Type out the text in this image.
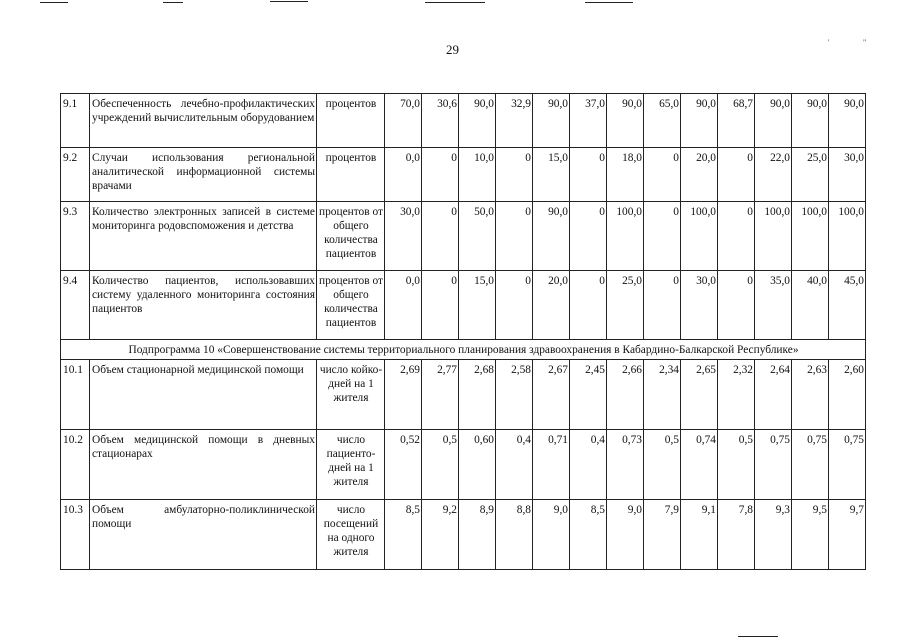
'	"
29
9.1	Обеспеченность лечебно-профилактических учреждений вычислительным оборудованием	процентов	70,0	30,6	90,0	32,9	90,0	37,0	90,0	65,0	90,0	68,7	90,0	90,0	90,0
9.2	Случаи использования региональной аналитической информационной системы врачами	процентов	0,0	0	10,0	0	15,0	0	18,0	0	20,0	0	22,0	25,0	30,0
9.3	Количество электронных записей в системе мониторинга родовспоможения и детства	процентов от общего количества пациентов	30,0	0	50,0	0	90,0	0	100,0	0	100,0	0	100,0	100,0	100,0
9.4	Количество пациентов, использовавших систему удаленного мониторинга состояния пациентов	процентов от общего количества пациентов	0,0	0	15,0	0	20,0	0	25,0	0	30,0	0	35,0	40,0	45,0
Подпрограмма 10 «Совершенствование системы территориального планирования здравоохранения в Кабардино-Балкарской Республике»															
10.1	Объем стационарной медицинской помощи	число койко-дней на 1 жителя	2,69	2,77	2,68	2,58	2,67	2,45	2,66	2,34	2,65	2,32	2,64	2,63	2,60
10.2	Объем медицинской помощи в дневных стационарах	число пациенто-дней на 1 жителя	0,52	0,5	0,60	0,4	0,71	0,4	0,73	0,5	0,74	0,5	0,75	0,75	0,75
10.3	Объем амбулаторно-поликлинической помощи	число посещений на одного жителя	8,5	9,2	8,9	8,8	9,0	8,5	9,0	7,9	9,1	7,8	9,3	9,5	9,7
